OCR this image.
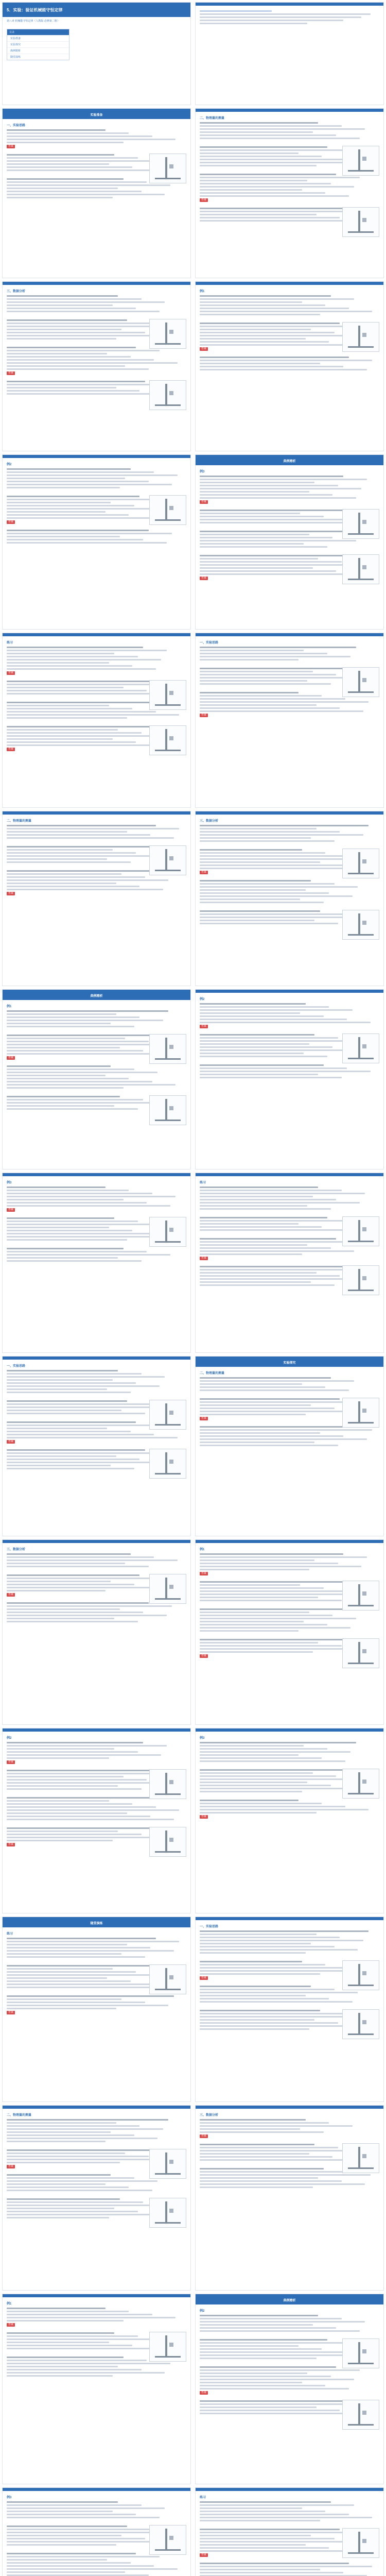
5．实验：验证机械能守恒定律
第八章 机械能守恒定律（人教版 必修第二册）
目录
实验准备
实验探究
典例精析
随堂演练
实验准备
一、实验思路
答案
二、物理量的测量
答案
三、数据分析
答案
例1
答案
例2
答案
典例精析
例3
答案
答案
练习
答案
答案
一、实验思路
答案
二、物理量的测量
答案
三、数据分析
答案
典例精析
例1
答案
例2
答案
例3
答案
练习
答案
一、实验思路
答案
实验探究
二、物理量的测量
答案
三、数据分析
答案
例1
答案
答案
例2
答案
答案
例3
答案
随堂演练
练习
答案
一、实验思路
答案
二、物理量的测量
答案
三、数据分析
答案
例1
答案
典例精析
例2
答案
例3	练习
答案
